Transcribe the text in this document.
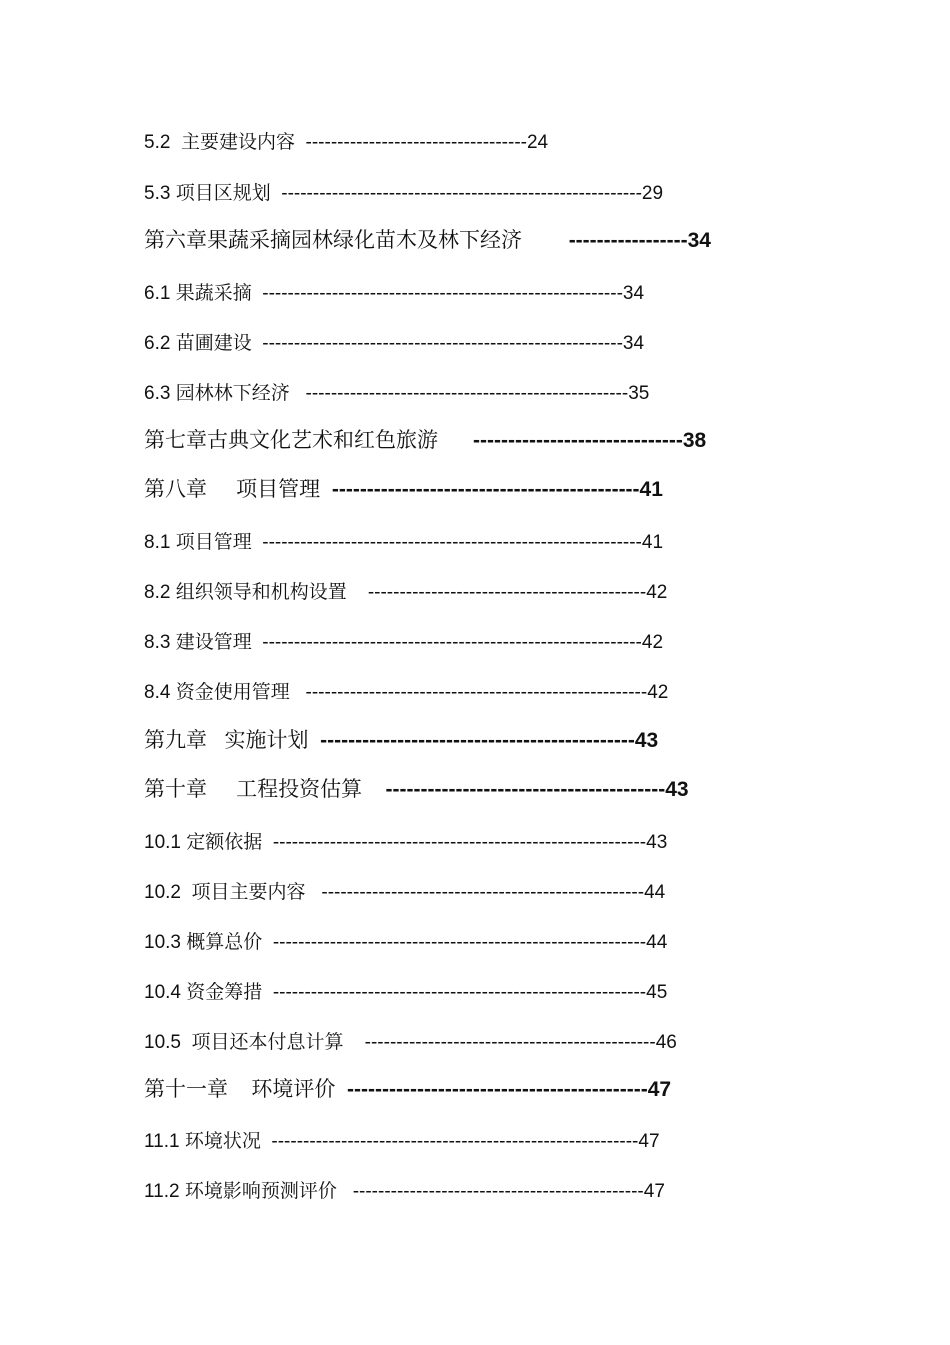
5.2  主要建设内容  -----------------------------------24
5.3 项目区规划  ---------------------------------------------------------29
第六章果蔬采摘园林绿化苗木及林下经济        -----------------34
6.1 果蔬采摘  ---------------------------------------------------------34
6.2 苗圃建设  ---------------------------------------------------------34
6.3 园林林下经济   ---------------------------------------------------35
第七章古典文化艺术和红色旅游      ------------------------------38
第八章     项目管理  --------------------------------------------41
8.1 项目管理  ------------------------------------------------------------41
8.2 组织领导和机构设置    --------------------------------------------42
8.3 建设管理  ------------------------------------------------------------42
8.4 资金使用管理   ------------------------------------------------------42
第九章   实施计划  ---------------------------------------------43
第十章     工程投资估算    ----------------------------------------43
10.1 定额依据  -----------------------------------------------------------43
10.2  项目主要内容   ---------------------------------------------------44
10.3 概算总价  -----------------------------------------------------------44
10.4 资金筹措  -----------------------------------------------------------45
10.5  项目还本付息计算    ----------------------------------------------46
第十一章    环境评价  -------------------------------------------47
11.1 环境状况  ----------------------------------------------------------47
11.2 环境影响预测评价   ----------------------------------------------47
